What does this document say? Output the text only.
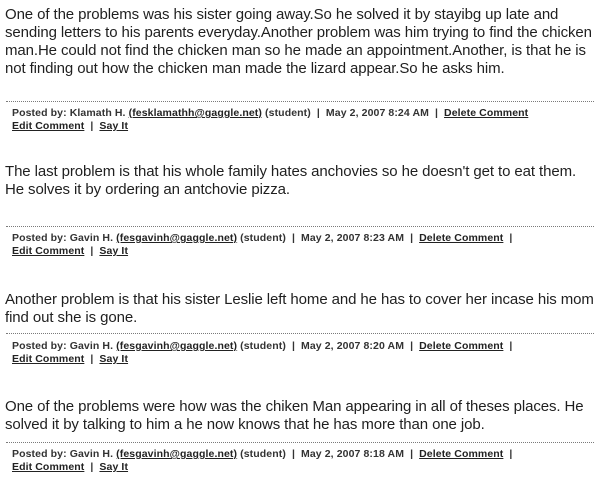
One of the problems was his sister going away.So he solved it by stayibg up late and sending letters to his parents everyday.Another problem was him trying to find the chicken man.He could not find the chicken man so he made an appointment.Another, is that he is not finding out how the chicken man made the lizard appear.So he asks him.
Posted by: Klamath H. (fesklamathh@gaggle.net) (student) | May 2, 2007 8:24 AM | Delete Comment
Edit Comment | Say It
The last problem is that his whole family hates anchovies so he doesn't get to eat them. He solves it by ordering an antchovie pizza.
Posted by: Gavin H. (fesgavinh@gaggle.net) (student) | May 2, 2007 8:23 AM | Delete Comment |
Edit Comment | Say It
Another problem is that his sister Leslie left home and he has to cover her incase his mom find out she is gone.
Posted by: Gavin H. (fesgavinh@gaggle.net) (student) | May 2, 2007 8:20 AM | Delete Comment |
Edit Comment | Say It
One of the problems were how was the chiken Man appearing in all of theses places. He solved it by talking to him a he now knows that he has more than one job.
Posted by: Gavin H. (fesgavinh@gaggle.net) (student) | May 2, 2007 8:18 AM | Delete Comment |
Edit Comment | Say It
